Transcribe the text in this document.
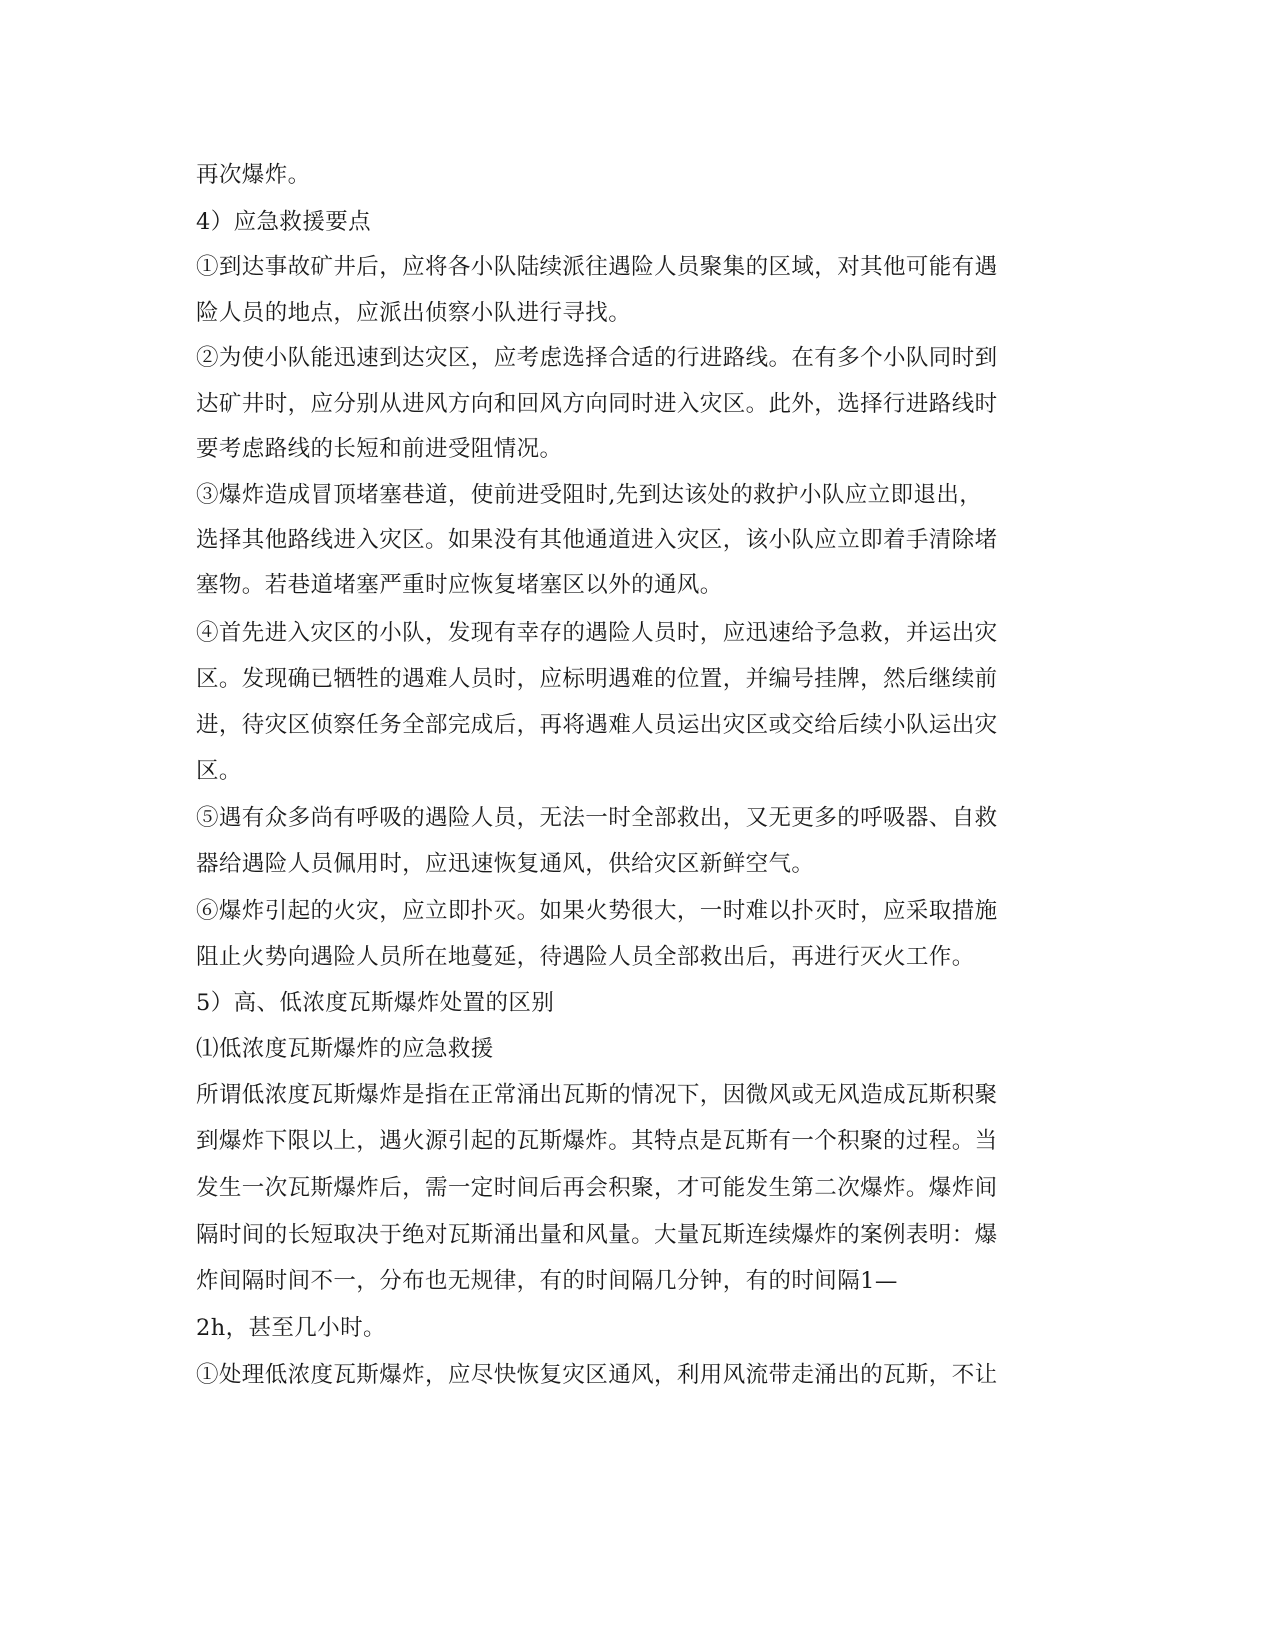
再次爆炸。
4）应急救援要点
①到达事故矿井后，应将各小队陆续派往遇险人员聚集的区域，对其他可能有遇
险人员的地点，应派出侦察小队进行寻找。
②为使小队能迅速到达灾区，应考虑选择合适的行进路线。在有多个小队同时到
达矿井时，应分别从进风方向和回风方向同时进入灾区。此外，选择行进路线时
要考虑路线的长短和前进受阻情况。
③爆炸造成冒顶堵塞巷道，使前进受阻时,先到达该处的救护小队应立即退出，
选择其他路线进入灾区。如果没有其他通道进入灾区，该小队应立即着手清除堵
塞物。若巷道堵塞严重时应恢复堵塞区以外的通风。
④首先进入灾区的小队，发现有幸存的遇险人员时，应迅速给予急救，并运出灾
区。发现确已牺牲的遇难人员时，应标明遇难的位置，并编号挂牌，然后继续前
进，待灾区侦察任务全部完成后，再将遇难人员运出灾区或交给后续小队运出灾
区。
⑤遇有众多尚有呼吸的遇险人员，无法一时全部救出，又无更多的呼吸器、自救
器给遇险人员佩用时，应迅速恢复通风，供给灾区新鲜空气。
⑥爆炸引起的火灾，应立即扑灭。如果火势很大，一时难以扑灭时，应采取措施
阻止火势向遇险人员所在地蔓延，待遇险人员全部救出后，再进行灭火工作。
5）高、低浓度瓦斯爆炸处置的区别
⑴低浓度瓦斯爆炸的应急救援
所谓低浓度瓦斯爆炸是指在正常涌出瓦斯的情况下，因微风或无风造成瓦斯积聚
到爆炸下限以上，遇火源引起的瓦斯爆炸。其特点是瓦斯有一个积聚的过程。当
发生一次瓦斯爆炸后，需一定时间后再会积聚，才可能发生第二次爆炸。爆炸间
隔时间的长短取决于绝对瓦斯涌出量和风量。大量瓦斯连续爆炸的案例表明：爆
炸间隔时间不一，分布也无规律，有的时间隔几分钟，有的时间隔1—
2h，甚至几小时。
①处理低浓度瓦斯爆炸，应尽快恢复灾区通风，利用风流带走涌出的瓦斯，不让
